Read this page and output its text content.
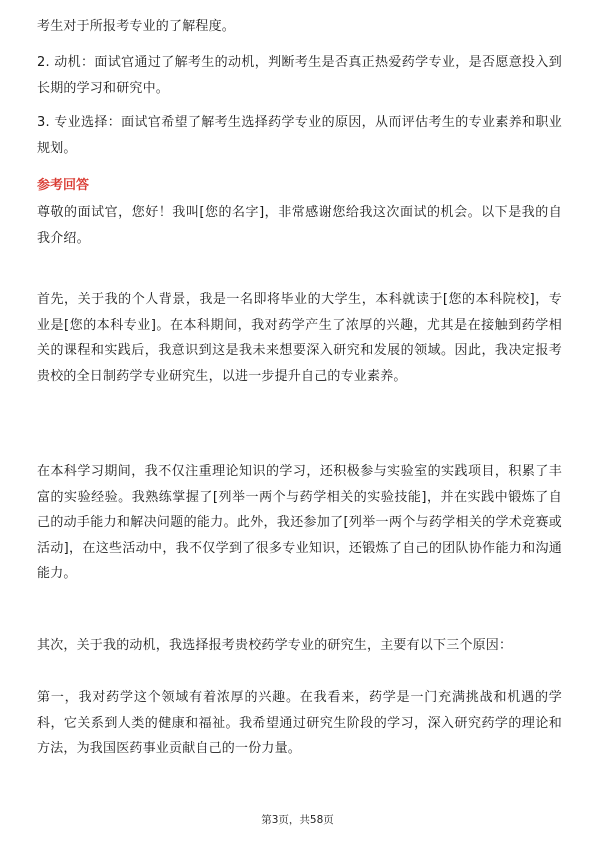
考生对于所报考专业的了解程度。

2. 动机：面试官通过了解考生的动机，判断考生是否真正热爱药学专业，是否愿意投入到长期的学习和研究中。

3. 专业选择：面试官希望了解考生选择药学专业的原因，从而评估考生的专业素养和职业规划。

参考回答

尊敬的面试官，您好！我叫[您的名字]，非常感谢您给我这次面试的机会。以下是我的自我介绍。

首先，关于我的个人背景，我是一名即将毕业的大学生，本科就读于[您的本科院校]，专业是[您的本科专业]。在本科期间，我对药学产生了浓厚的兴趣，尤其是在接触到药学相关的课程和实践后，我意识到这是我未来想要深入研究和发展的领域。因此，我决定报考贵校的全日制药学专业研究生，以进一步提升自己的专业素养。

在本科学习期间，我不仅注重理论知识的学习，还积极参与实验室的实践项目，积累了丰富的实验经验。我熟练掌握了[列举一两个与药学相关的实验技能]，并在实践中锻炼了自己的动手能力和解决问题的能力。此外，我还参加了[列举一两个与药学相关的学术竞赛或活动]，在这些活动中，我不仅学到了很多专业知识，还锻炼了自己的团队协作能力和沟通能力。

其次，关于我的动机，我选择报考贵校药学专业的研究生，主要有以下三个原因：

第一，我对药学这个领域有着浓厚的兴趣。在我看来，药学是一门充满挑战和机遇的学科，它关系到人类的健康和福祉。我希望通过研究生阶段的学习，深入研究药学的理论和方法，为我国医药事业贡献自己的一份力量。

第3页，共58页
